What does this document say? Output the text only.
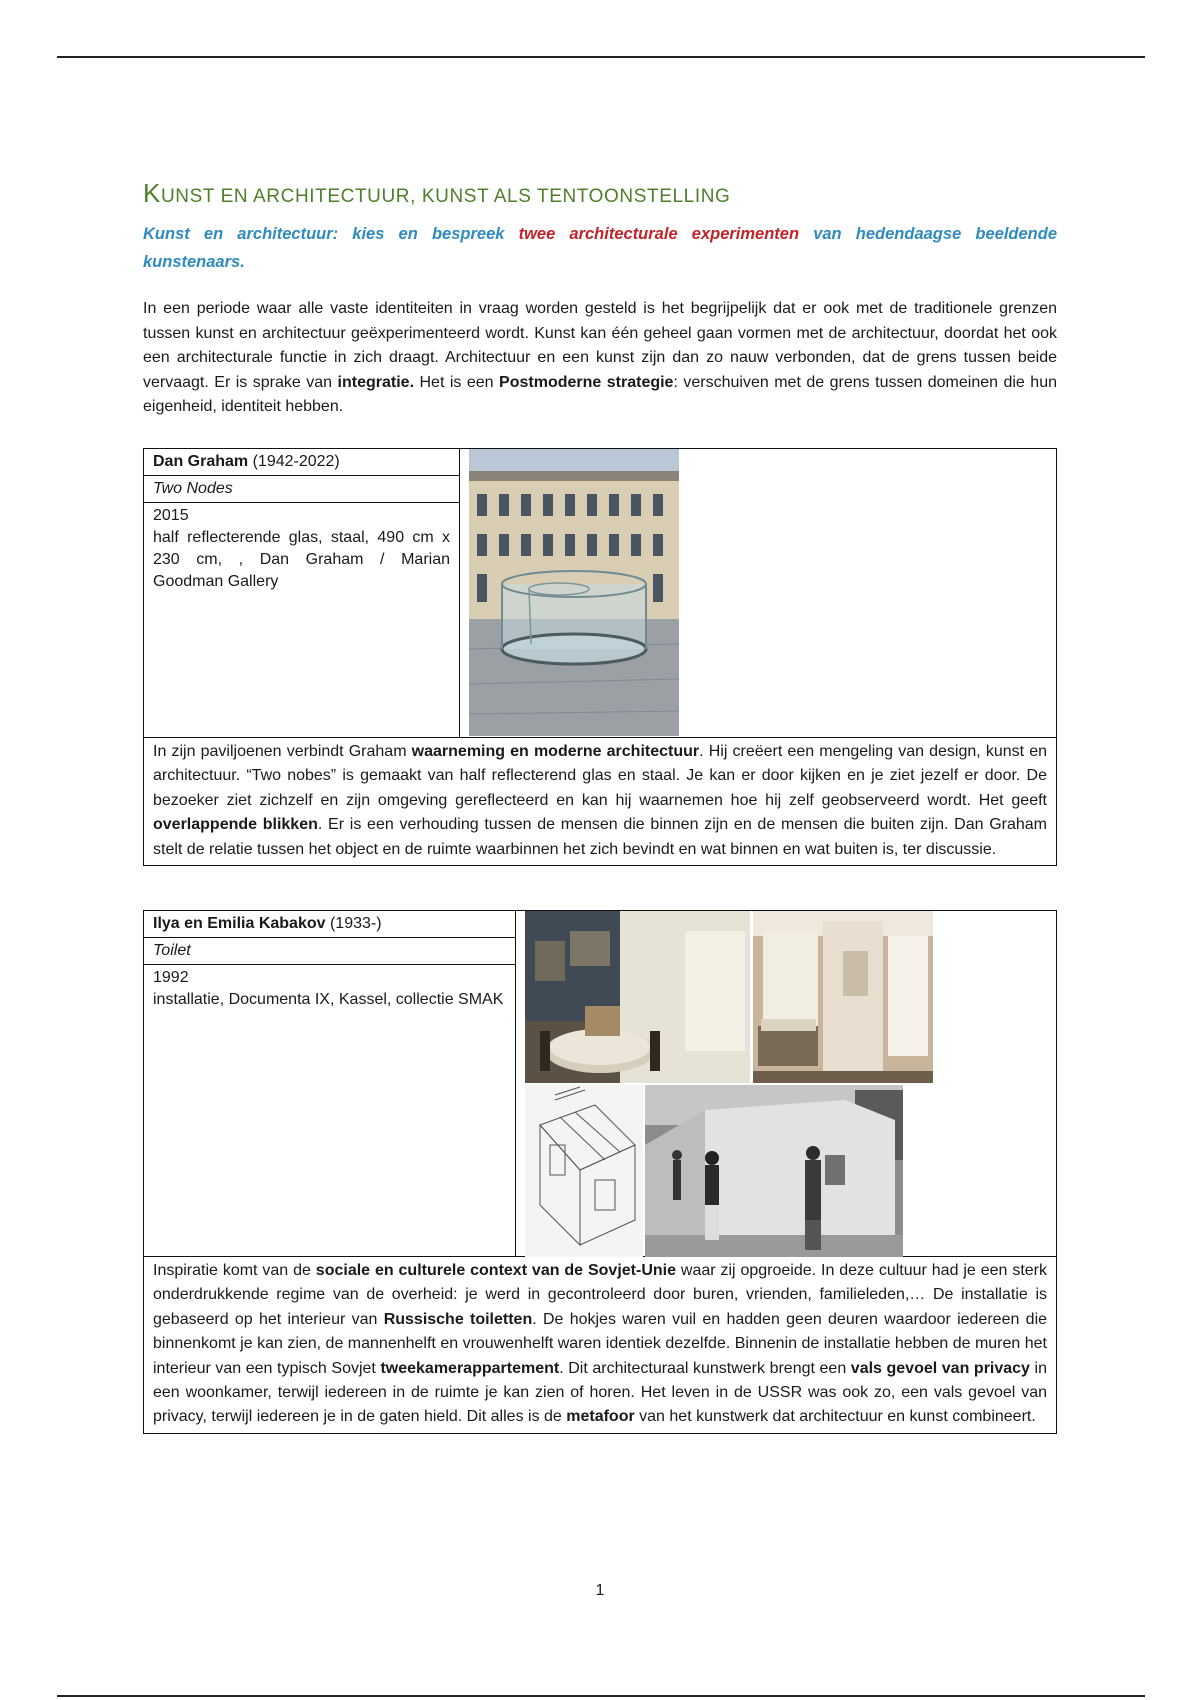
KUNST EN ARCHITECTUUR, KUNST ALS TENTOONSTELLING
Kunst en architectuur: kies en bespreek twee architecturale experimenten van hedendaagse beeldende kunstenaars.
In een periode waar alle vaste identiteiten in vraag worden gesteld is het begrijpelijk dat er ook met de traditionele grenzen tussen kunst en architectuur geëxperimenteerd wordt. Kunst kan één geheel gaan vormen met de architectuur, doordat het ook een architecturale functie in zich draagt. Architectuur en een kunst zijn dan zo nauw verbonden, dat de grens tussen beide vervaagt. Er is sprake van integratie. Het is een Postmoderne strategie: verschuiven met de grens tussen domeinen die hun eigenheid, identiteit hebben.
Dan Graham (1942-2022)
Two Nodes
2015
half reflecterende glas, staal, 490 cm x 230 cm, , Dan Graham / Marian Goodman Gallery
In zijn paviljoenen verbindt Graham waarneming en moderne architectuur. Hij creëert een mengeling van design, kunst en architectuur. “Two nobes” is gemaakt van half reflecterend glas en staal. Je kan er door kijken en je ziet jezelf er door. De bezoeker ziet zichzelf en zijn omgeving gereflecteerd en kan hij waarnemen hoe hij zelf geobserveerd wordt. Het geeft overlappende blikken. Er is een verhouding tussen de mensen die binnen zijn en de mensen die buiten zijn. Dan Graham stelt de relatie tussen het object en de ruimte waarbinnen het zich bevindt en wat binnen en wat buiten is, ter discussie.
Ilya en Emilia Kabakov (1933-)
Toilet
1992
installatie, Documenta IX, Kassel, collectie SMAK
Inspiratie komt van de sociale en culturele context van de Sovjet-Unie waar zij opgroeide. In deze cultuur had je een sterk onderdrukkende regime van de overheid: je werd in gecontroleerd door buren, vrienden, familieleden,… De installatie is gebaseerd op het interieur van Russische toiletten. De hokjes waren vuil en hadden geen deuren waardoor iedereen die binnenkomt je kan zien, de mannenhelft en vrouwenhelft waren identiek dezelfde. Binnenin de installatie hebben de muren het interieur van een typisch Sovjet tweekamerappartement. Dit architecturaal kunstwerk brengt een vals gevoel van privacy in een woonkamer, terwijl iedereen in de ruimte je kan zien of horen. Het leven in de USSR was ook zo, een vals gevoel van privacy, terwijl iedereen je in de gaten hield. Dit alles is de metafoor van het kunstwerk dat architectuur en kunst combineert.
1
